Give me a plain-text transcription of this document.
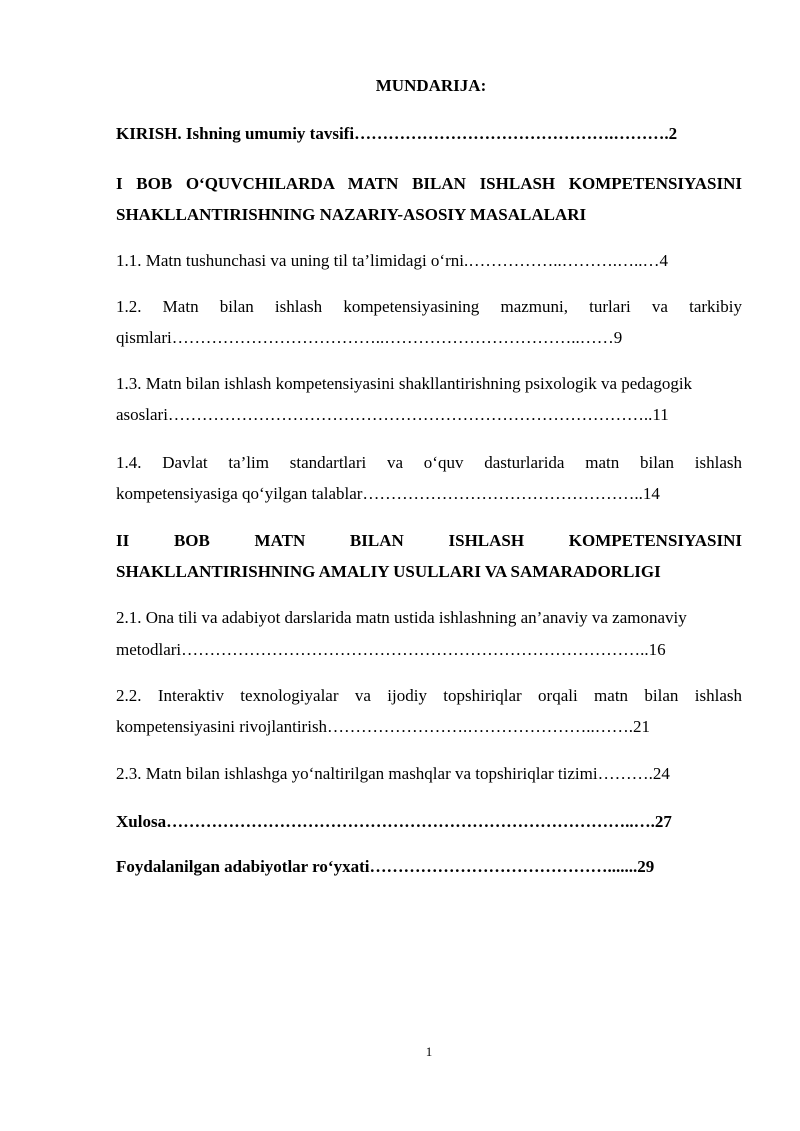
MUNDARIJA:
KIRISH. Ishning umumiy tavsifi……………………………………….……….2
I BOB O‘QUVCHILARDA MATN BILAN ISHLASH KOMPETENSIYASINI
SHAKLLANTIRISHNING NAZARIY-ASOSIY MASALALARI
1.1. Matn tushunchasi va uning til ta’limidagi o‘rni.……………..……….…..…4
1.2. Matn bilan ishlash kompetensiyasining mazmuni, turlari va tarkibiy
qismlari………………………………..……………………………..……9
1.3. Matn bilan ishlash kompetensiyasini shakllantirishning psixologik va pedagogik
asoslari…………………………………………………………………………..11
1.4. Davlat ta’lim standartlari va o‘quv dasturlarida matn bilan ishlash
kompetensiyasiga qo‘yilgan talablar…………………………………………..14
II BOB MATN BILAN ISHLASH KOMPETENSIYASINI
SHAKLLANTIRISHNING AMALIY USULLARI VA SAMARADORLIGI
2.1. Ona tili va adabiyot darslarida matn ustida ishlashning an’anaviy va zamonaviy
metodlari………………………………………………………………………..16
2.2. Interaktiv texnologiyalar va ijodiy topshiriqlar orqali matn bilan ishlash
kompetensiyasini rivojlantirish…………………….…………………..…….21
2.3. Matn bilan ishlashga yo‘naltirilgan mashqlar va topshiriqlar tizimi……….24
Xulosa………………………………………………………………………..….27
Foydalanilgan adabiyotlar ro‘yxati…………………………………….......29
1
